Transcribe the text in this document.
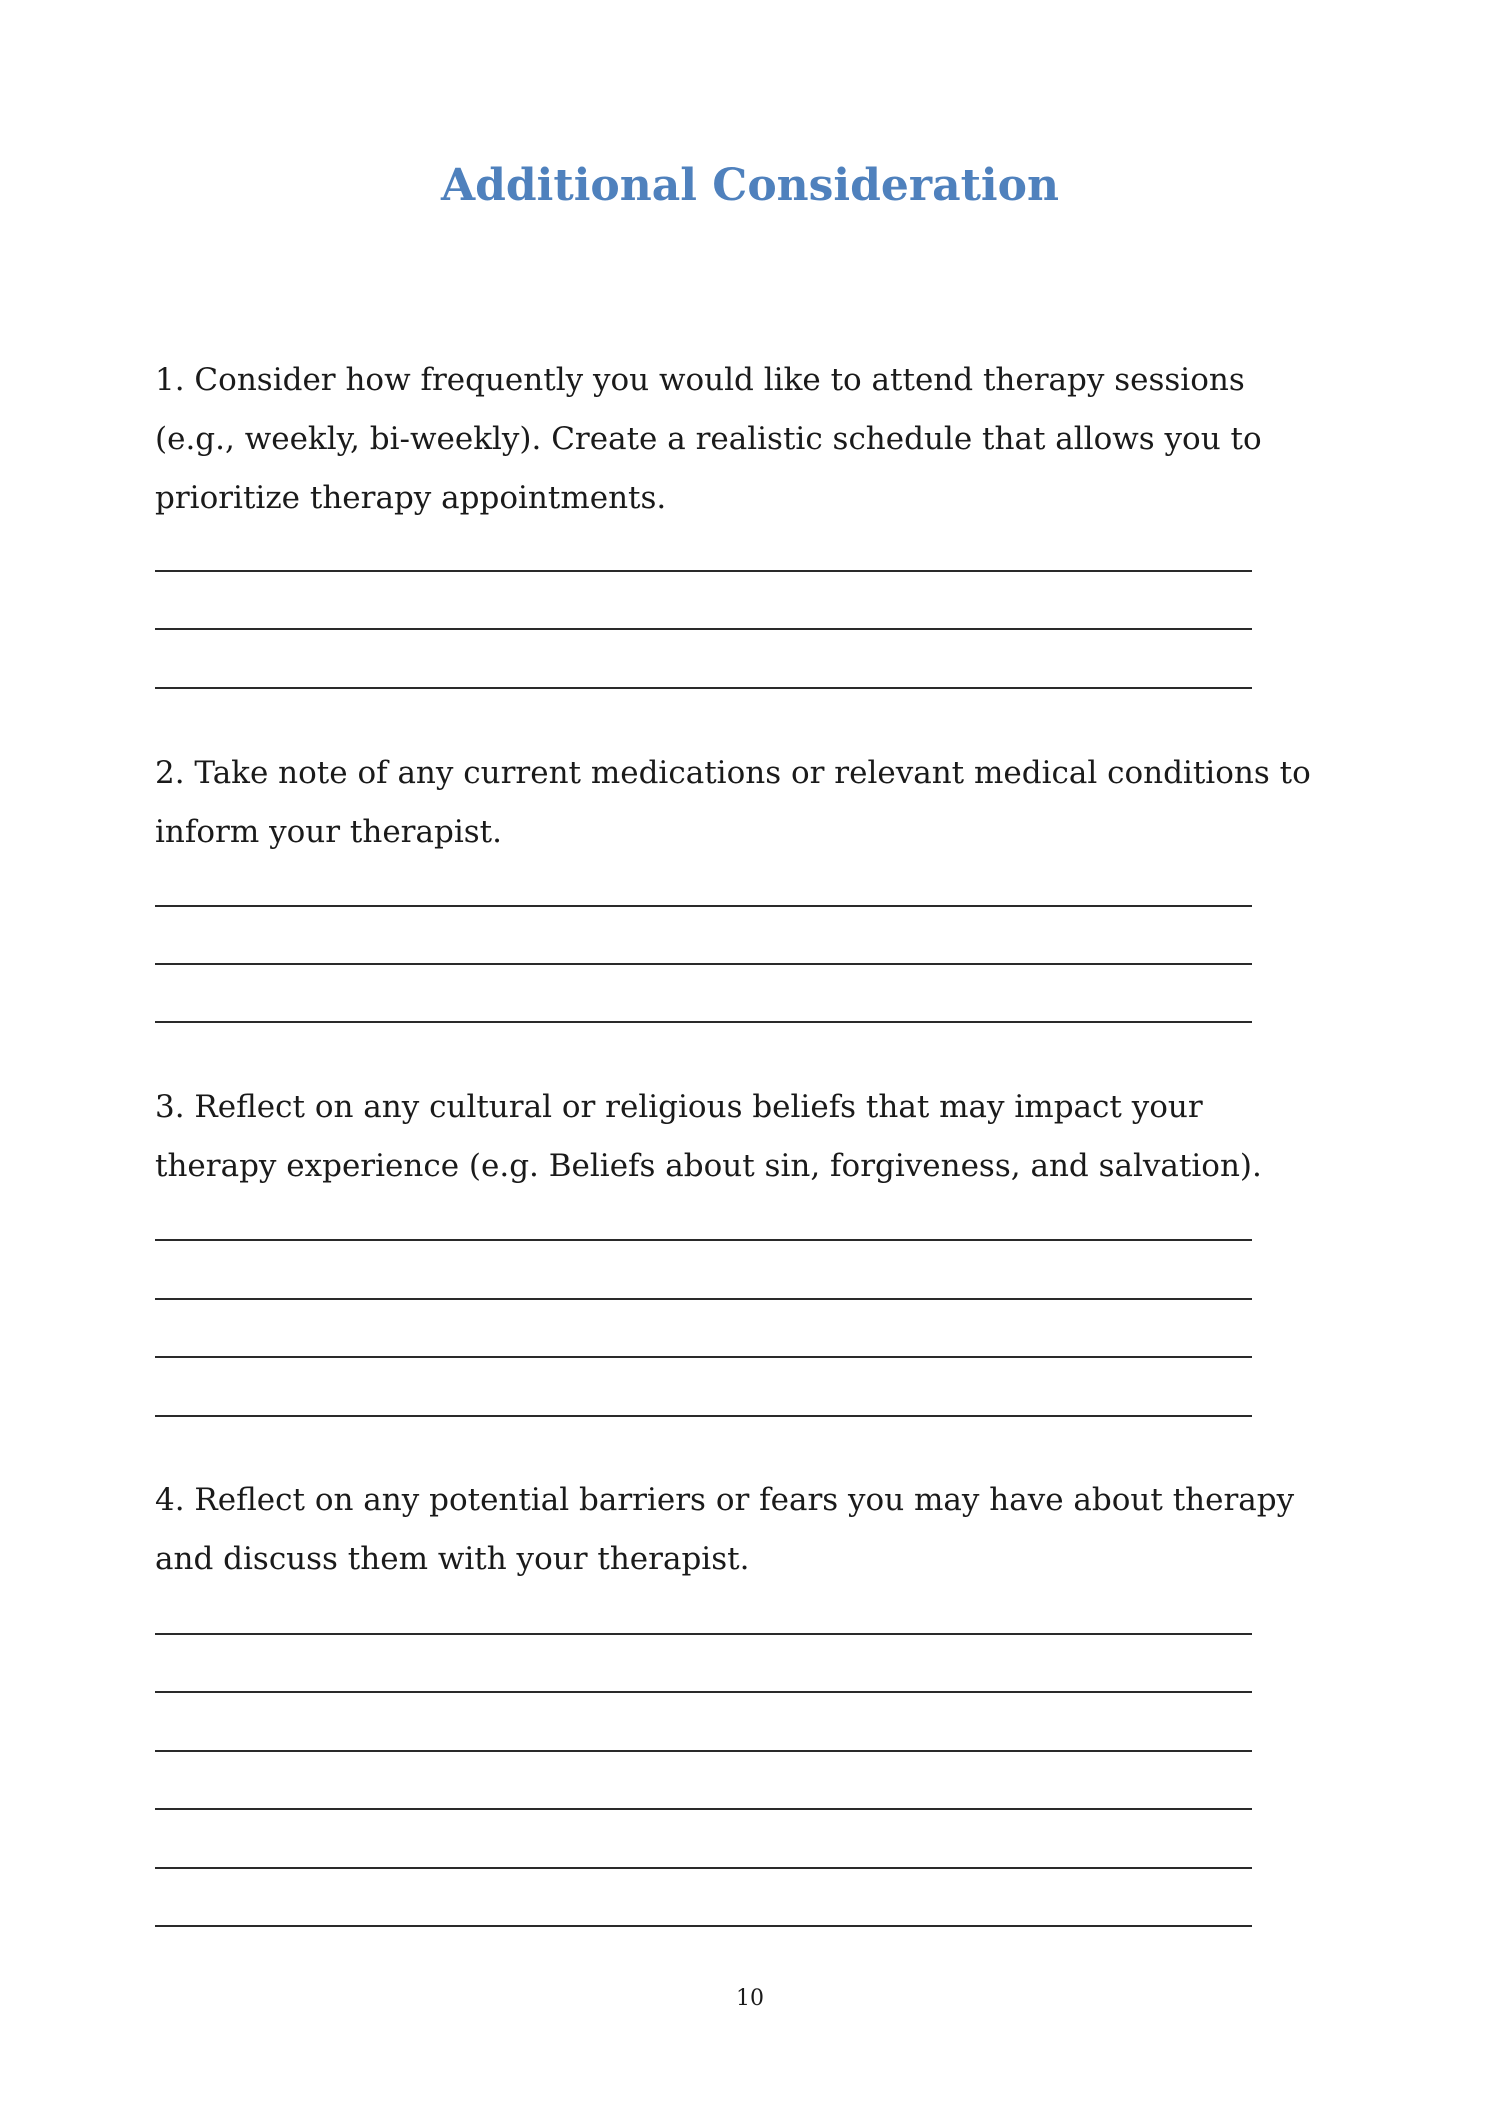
Additional Consideration

1. Consider how frequently you would like to attend therapy sessions (e.g., weekly, bi-weekly). Create a realistic schedule that allows you to prioritize therapy appointments.

2. Take note of any current medications or relevant medical conditions to inform your therapist.

3. Reflect on any cultural or religious beliefs that may impact your therapy experience (e.g. Beliefs about sin, forgiveness, and salvation).

4. Reflect on any potential barriers or fears you may have about therapy and discuss them with your therapist.

10
